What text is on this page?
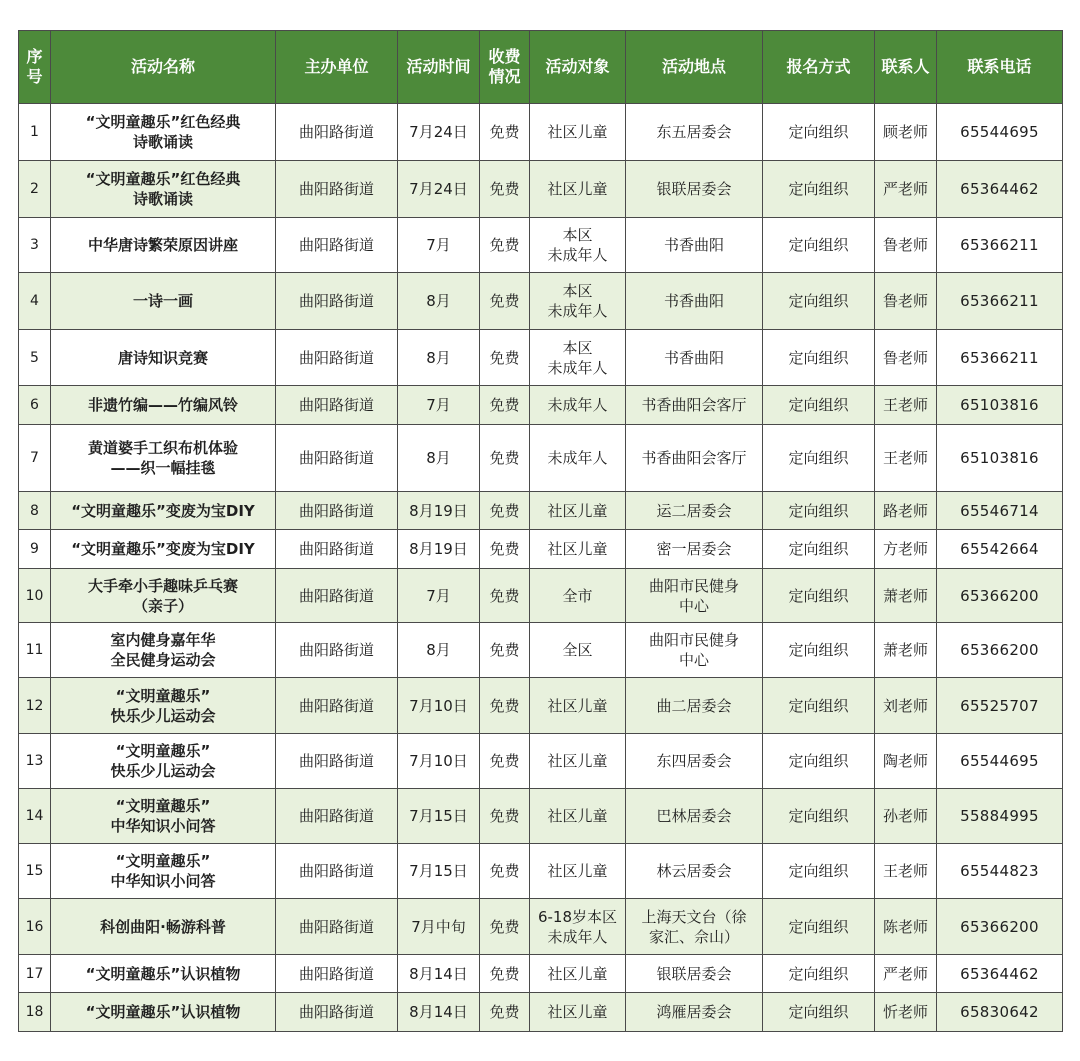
序
号	活动名称	主办单位	活动时间	收费
情况	活动对象	活动地点	报名方式	联系人	联系电话
1	“文明童趣乐”红色经典
诗歌诵读	曲阳路街道	7月24日	免费	社区儿童	东五居委会	定向组织	顾老师	65544695
2	“文明童趣乐”红色经典
诗歌诵读	曲阳路街道	7月24日	免费	社区儿童	银联居委会	定向组织	严老师	65364462
3	中华唐诗繁荣原因讲座	曲阳路街道	7月	免费	本区
未成年人	书香曲阳	定向组织	鲁老师	65366211
4	一诗一画	曲阳路街道	8月	免费	本区
未成年人	书香曲阳	定向组织	鲁老师	65366211
5	唐诗知识竞赛	曲阳路街道	8月	免费	本区
未成年人	书香曲阳	定向组织	鲁老师	65366211
6	非遗竹编——竹编风铃	曲阳路街道	7月	免费	未成年人	书香曲阳会客厅	定向组织	王老师	65103816
7	黄道婆手工织布机体验
——织一幅挂毯	曲阳路街道	8月	免费	未成年人	书香曲阳会客厅	定向组织	王老师	65103816
8	“文明童趣乐”变废为宝DIY	曲阳路街道	8月19日	免费	社区儿童	运二居委会	定向组织	路老师	65546714
9	“文明童趣乐”变废为宝DIY	曲阳路街道	8月19日	免费	社区儿童	密一居委会	定向组织	方老师	65542664
10	大手牵小手趣味乒乓赛
（亲子）	曲阳路街道	7月	免费	全市	曲阳市民健身
中心	定向组织	萧老师	65366200
11	室内健身嘉年华
全民健身运动会	曲阳路街道	8月	免费	全区	曲阳市民健身
中心	定向组织	萧老师	65366200
12	“文明童趣乐”
快乐少儿运动会	曲阳路街道	7月10日	免费	社区儿童	曲二居委会	定向组织	刘老师	65525707
13	“文明童趣乐”
快乐少儿运动会	曲阳路街道	7月10日	免费	社区儿童	东四居委会	定向组织	陶老师	65544695
14	“文明童趣乐”
中华知识小问答	曲阳路街道	7月15日	免费	社区儿童	巴林居委会	定向组织	孙老师	55884995
15	“文明童趣乐”
中华知识小问答	曲阳路街道	7月15日	免费	社区儿童	林云居委会	定向组织	王老师	65544823
16	科创曲阳·畅游科普	曲阳路街道	7月中旬	免费	6-18岁本区
未成年人	上海天文台（徐
家汇、佘山）	定向组织	陈老师	65366200
17	“文明童趣乐”认识植物	曲阳路街道	8月14日	免费	社区儿童	银联居委会	定向组织	严老师	65364462
18	“文明童趣乐”认识植物	曲阳路街道	8月14日	免费	社区儿童	鸿雁居委会	定向组织	忻老师	65830642
